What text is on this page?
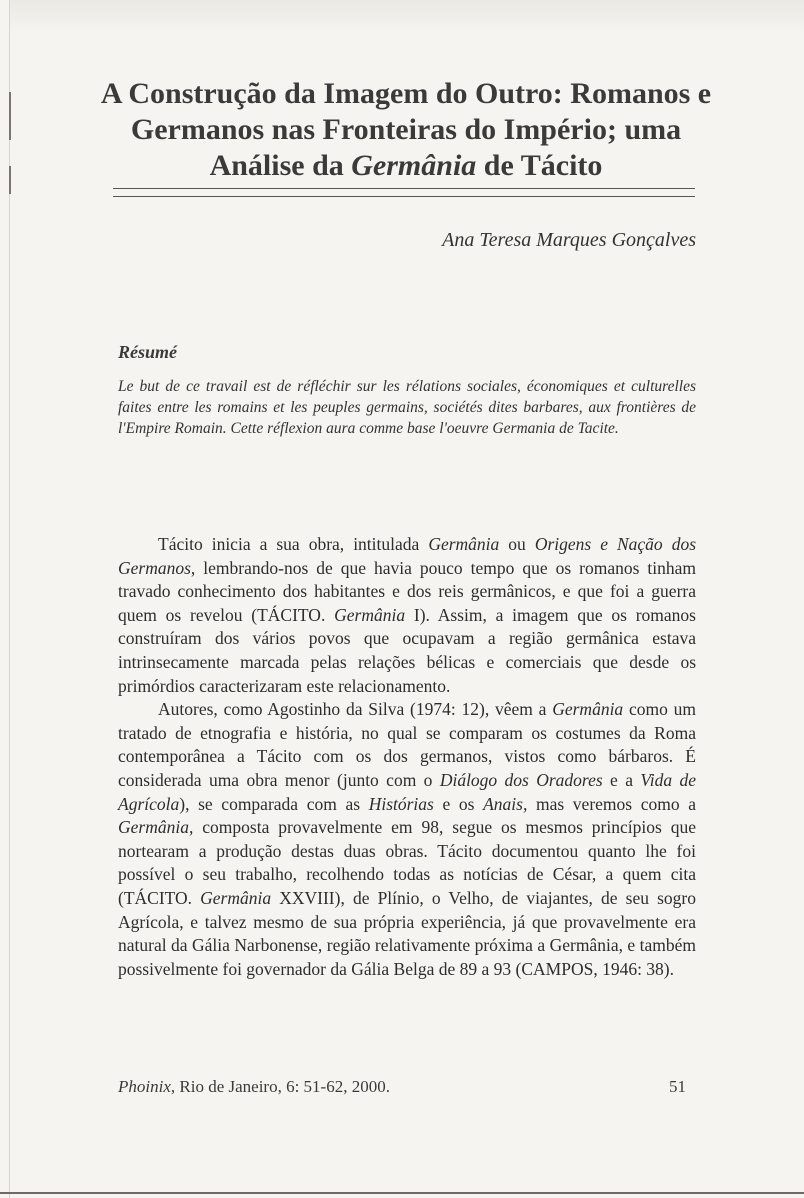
A Construção da Imagem do Outro: Romanos e
Germanos nas Fronteiras do Império; uma
Análise da Germânia de Tácito
Ana Teresa Marques Gonçalves
Résumé
Le but de ce travail est de réfléchir sur les rélations sociales, économiques et culturelles faites entre les romains et les peuples germains, sociétés dites barbares, aux frontières de l'Empire Romain. Cette réflexion aura comme base l'oeuvre Germania de Tacite.

Tácito inicia a sua obra, intitulada Germânia ou Origens e Nação dos Germanos, lembrando-nos de que havia pouco tempo que os romanos tinham travado conhecimento dos habitantes e dos reis germânicos, e que foi a guerra quem os revelou (TÁCITO. Germânia I). Assim, a imagem que os romanos construíram dos vários povos que ocupavam a região germânica estava intrinsecamente marcada pelas relações bélicas e comerciais que desde os primórdios caracterizaram este relacionamento.

Autores, como Agostinho da Silva (1974: 12), vêem a Germânia como um tratado de etnografia e história, no qual se comparam os costumes da Roma contemporânea a Tácito com os dos germanos, vistos como bárbaros. É considerada uma obra menor (junto com o Diálogo dos Oradores e a Vida de Agrícola), se comparada com as Histórias e os Anais, mas veremos como a Germânia, composta provavelmente em 98, segue os mesmos princípios que nortearam a produção destas duas obras. Tácito documentou quanto lhe foi possível o seu trabalho, recolhendo todas as notícias de César, a quem cita (TÁCITO. Germânia XXVIII), de Plínio, o Velho, de viajantes, de seu sogro Agrícola, e talvez mesmo de sua própria experiência, já que provavelmente era natural da Gália Narbonense, região relativamente próxima a Germânia, e também possivelmente foi governador da Gália Belga de 89 a 93 (CAMPOS, 1946: 38).

Phoinix, Rio de Janeiro, 6: 51-62, 2000.	51
